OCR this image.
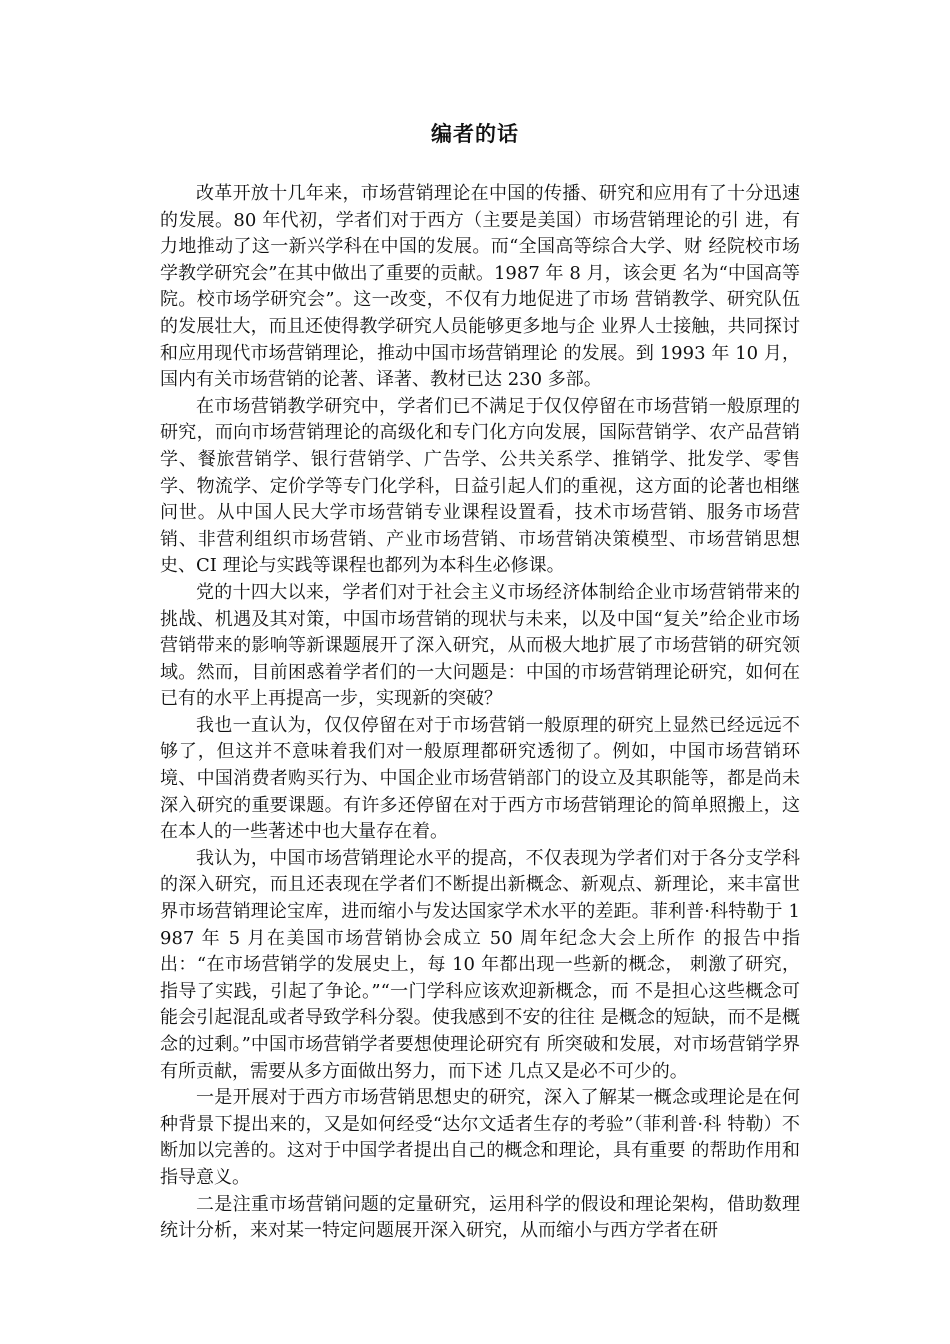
编者的话

改革开放十几年来，市场营销理论在中国的传播、研究和应用有了十分迅速的发展。80 年代初，学者们对于西方（主要是美国）市场营销理论的引 进，有力地推动了这一新兴学科在中国的发展。而“全国高等综合大学、财 经院校市场学教学研究会”在其中做出了重要的贡献。1987 年 8 月，该会更 名为“中国高等院。校市场学研究会”。这一改变，不仅有力地促进了市场 营销教学、研究队伍的发展壮大，而且还使得教学研究人员能够更多地与企 业界人士接触，共同探讨和应用现代市场营销理论，推动中国市场营销理论 的发展。到 1993 年 10 月，国内有关市场营销的论著、译著、教材已达 230 多部。

在市场营销教学研究中，学者们已不满足于仅仅停留在市场营销一般原理的研究，而向市场营销理论的高级化和专门化方向发展，国际营销学、农产品营销学、餐旅营销学、银行营销学、广告学、公共关系学、推销学、批发学、零售学、物流学、定价学等专门化学科，日益引起人们的重视，这方面的论著也相继问世。从中国人民大学市场营销专业课程设置看，技术市场营销、服务市场营销、非营利组织市场营销、产业市场营销、市场营销决策模型、市场营销思想史、CI 理论与实践等课程也都列为本科生必修课。

党的十四大以来，学者们对于社会主义市场经济体制给企业市场营销带来的挑战、机遇及其对策，中国市场营销的现状与未来，以及中国“复关”给企业市场营销带来的影响等新课题展开了深入研究，从而极大地扩展了市场营销的研究领域。然而，目前困惑着学者们的一大问题是：中国的市场营销理论研究，如何在已有的水平上再提高一步，实现新的突破？

我也一直认为，仅仅停留在对于市场营销一般原理的研究上显然已经远远不够了，但这并不意味着我们对一般原理都研究透彻了。例如，中国市场营销环境、中国消费者购买行为、中国企业市场营销部门的设立及其职能等，都是尚未深入研究的重要课题。有许多还停留在对于西方市场营销理论的简单照搬上，这在本人的一些著述中也大量存在着。

我认为，中国市场营销理论水平的提高，不仅表现为学者们对于各分支学科的深入研究，而且还表现在学者们不断提出新概念、新观点、新理论，来丰富世界市场营销理论宝库，进而缩小与发达国家学术水平的差距。菲利普·科特勒于 1987 年 5 月在美国市场营销协会成立 50 周年纪念大会上所作 的报告中指出：“在市场营销学的发展史上，每 10 年都出现一些新的概念， 刺激了研究，指导了实践，引起了争论。”“一门学科应该欢迎新概念，而 不是担心这些概念可能会引起混乱或者导致学科分裂。使我感到不安的往往 是概念的短缺，而不是概念的过剩。”中国市场营销学者要想使理论研究有 所突破和发展，对市场营销学界有所贡献，需要从多方面做出努力，而下述 几点又是必不可少的。

一是开展对于西方市场营销思想史的研究，深入了解某一概念或理论是在何种背景下提出来的，又是如何经受“达尔文适者生存的考验”（菲利普·科 特勒）不断加以完善的。这对于中国学者提出自己的概念和理论，具有重要 的帮助作用和指导意义。

二是注重市场营销问题的定量研究，运用科学的假设和理论架构，借助数理统计分析，来对某一特定问题展开深入研究，从而缩小与西方学者在研
